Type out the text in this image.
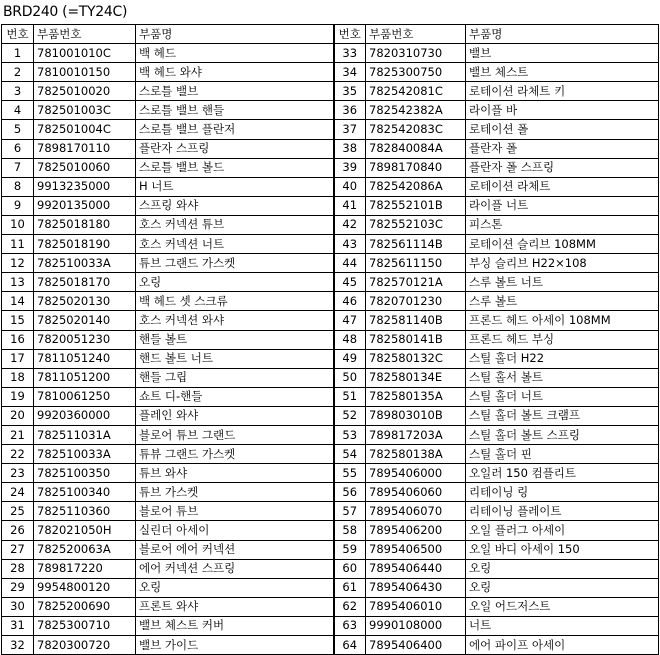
BRD240 (=TY24C)
번호	부품번호	부품명	번호	부품번호	부품명
1	781001010C	백 헤드	33	7820310730	밸브
2	7810010150	백 헤드 와샤	34	7825300750	밸브 체스트
3	7825010020	스로틀 밸브	35	782542081C	로테이션 라체트 키
4	782501003C	스로틀 밸브 핸들	36	782542382A	라이플 바
5	782501004C	스로틀 밸브 플란저	37	782542083C	로테이션 폴
6	7898170110	플란자 스프링	38	782840084A	플란자 폴
7	7825010060	스로틀 밸브 볼드	39	7898170840	플란자 폴 스프링
8	9913235000	H 너트	40	782542086A	로테이션 라체트
9	9920135000	스프링 와샤	41	782552101B	라이플 너트
10	7825018180	호스 커넥션 튜브	42	782552103C	피스톤
11	7825018190	호스 커넥션 너트	43	782561114B	로테이션 슬리브 108MM
12	782510033A	튜브 그랜드 가스켓	44	7825611150	부싱 슬리브 H22×108
13	7825018170	오링	45	782570121A	스루 볼트 너트
14	7825020130	백 헤드 셋 스크류	46	7820701230	스루 볼트
15	7825020140	호스 커넥션 와샤	47	782581140B	프론드 헤드 아세이 108MM
16	7820051230	핸들 볼트	48	782580141B	프론드 헤드 부싱
17	7811051240	핸드 볼트 너트	49	782580132C	스틸 홀더 H22
18	7811051200	핸들 그립	50	782580134E	스틸 홀서 볼트
19	7810061250	쇼트 디-핸들	51	782580135A	스틸 홀더 너트
20	9920360000	플레인 와샤	52	789803010B	스틸 홀더 볼트 크램프
21	782511031A	블로어 튜브 그랜드	53	789817203A	스틸 홀더 볼트 스프링
22	782510033A	튜뷰 그랜드 가스켓	54	782580138A	스틸 홀더 핀
23	7825100350	튜브 와샤	55	7895406000	오일러 150 컴플리트
24	7825100340	튜브 가스켓	56	7895406060	리테이닝 링
25	7825110360	블로어 튜브	57	7895406070	리테이닝 플레이트
26	782021050H	실린더 아세이	58	7895406200	오일 플러그 아세이
27	782520063A	블로어 에어 커넥션	59	7895406500	오일 바디 아세이 150
28	789817220	에어 커넥션 스프링	60	7895406440	오링
29	9954800120	오링	61	7895406430	오링
30	7825200690	프론트 와샤	62	7895406010	오일 어드저스트
31	7825300710	밸브 체스트 커버	63	9990108000	너트
32	7820300720	밸브 가이드	64	7895406400	에어 파이프 아세이
